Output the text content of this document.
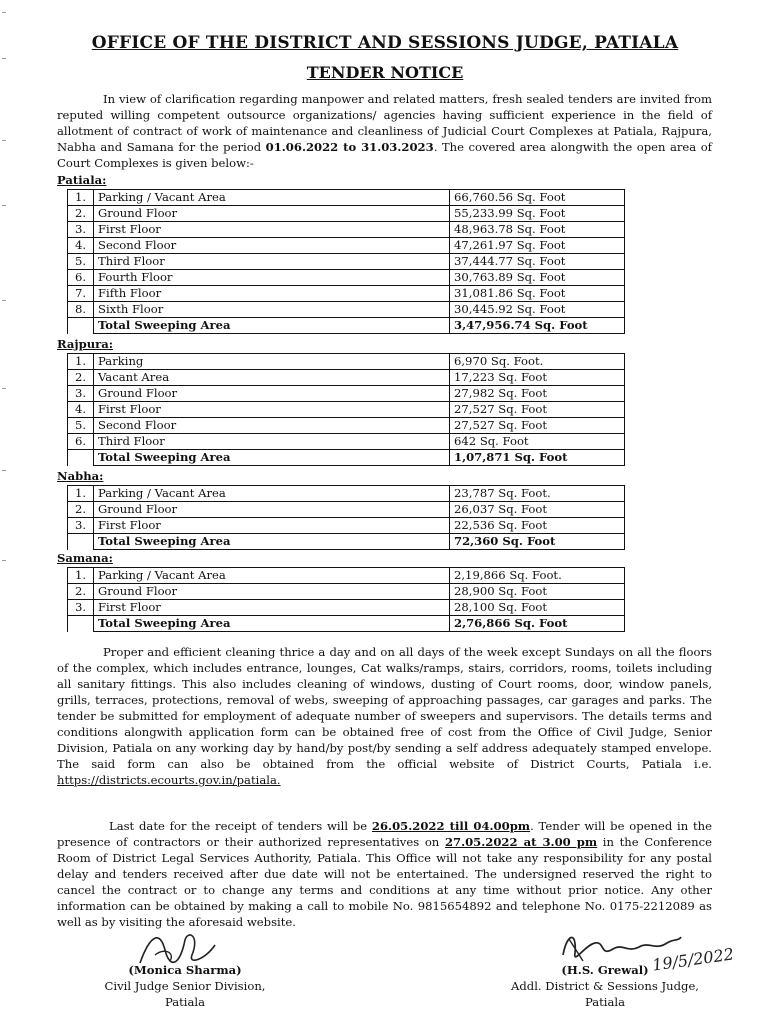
OFFICE OF THE DISTRICT AND SESSIONS JUDGE, PATIALA
TENDER NOTICE
In view of clarification regarding manpower and related matters, fresh sealed tenders are invited from reputed willing competent outsource organizations/ agencies having sufficient experience in the field of allotment of contract of work of maintenance and cleanliness of Judicial Court Complexes at Patiala, Rajpura, Nabha and Samana for the period 01.06.2022 to 31.03.2023. The covered area alongwith the open area of Court Complexes is given below:-
Patiala:
1.	Parking / Vacant Area	66,760.56 Sq. Foot
2.	Ground Floor	55,233.99 Sq. Foot
3.	First Floor	48,963.78 Sq. Foot
4.	Second Floor	47,261.97 Sq. Foot
5.	Third Floor	37,444.77 Sq. Foot
6.	Fourth Floor	30,763.89 Sq. Foot
7.	Fifth Floor	31,081.86 Sq. Foot
8.	Sixth Floor	30,445.92 Sq. Foot
	Total Sweeping Area	3,47,956.74 Sq. Foot
Rajpura:
1.	Parking	6,970 Sq. Foot.
2.	Vacant Area	17,223 Sq. Foot
3.	Ground Floor	27,982 Sq. Foot
4.	First Floor	27,527 Sq. Foot
5.	Second Floor	27,527 Sq. Foot
6.	Third Floor	642 Sq. Foot
	Total Sweeping Area	1,07,871 Sq. Foot
Nabha:
1.	Parking / Vacant Area	23,787 Sq. Foot.
2.	Ground Floor	26,037 Sq. Foot
3.	First Floor	22,536 Sq. Foot
	Total Sweeping Area	72,360 Sq. Foot
Samana:
1.	Parking / Vacant Area	2,19,866 Sq. Foot.
2.	Ground Floor	28,900 Sq. Foot
3.	First Floor	28,100 Sq. Foot
	Total Sweeping Area	2,76,866 Sq. Foot
Proper and efficient cleaning thrice a day and on all days of the week except Sundays on all the floors of the complex, which includes entrance, lounges, Cat walks/ramps, stairs, corridors, rooms, toilets including all sanitary fittings. This also includes cleaning of windows, dusting of Court rooms, door, window panels, grills, terraces, protections, removal of webs, sweeping of approaching passages, car garages and parks. The tender be submitted for employment of adequate number of sweepers and supervisors. The details terms and conditions alongwith application form can be obtained free of cost from the Office of Civil Judge, Senior Division, Patiala on any working day by hand/by post/by sending a self address adequately stamped envelope. The said form can also be obtained from the official website of District Courts, Patiala i.e. https://districts.ecourts.gov.in/patiala.
Last date for the receipt of tenders will be 26.05.2022 till 04.00pm. Tender will be opened in the presence of contractors or their authorized representatives on 27.05.2022 at 3.00 pm in the Conference Room of District Legal Services Authority, Patiala. This Office will not take any responsibility for any postal delay and tenders received after due date will not be entertained. The undersigned reserved the right to cancel the contract or to change any terms and conditions at any time without prior notice. Any other information can be obtained by making a call to mobile No. 9815654892 and telephone No. 0175-2212089 as well as by visiting the aforesaid website.
19/5/2022
(Monica Sharma)
Civil Judge Senior Division,
Patiala
(H.S. Grewal)
Addl. District & Sessions Judge,
Patiala
